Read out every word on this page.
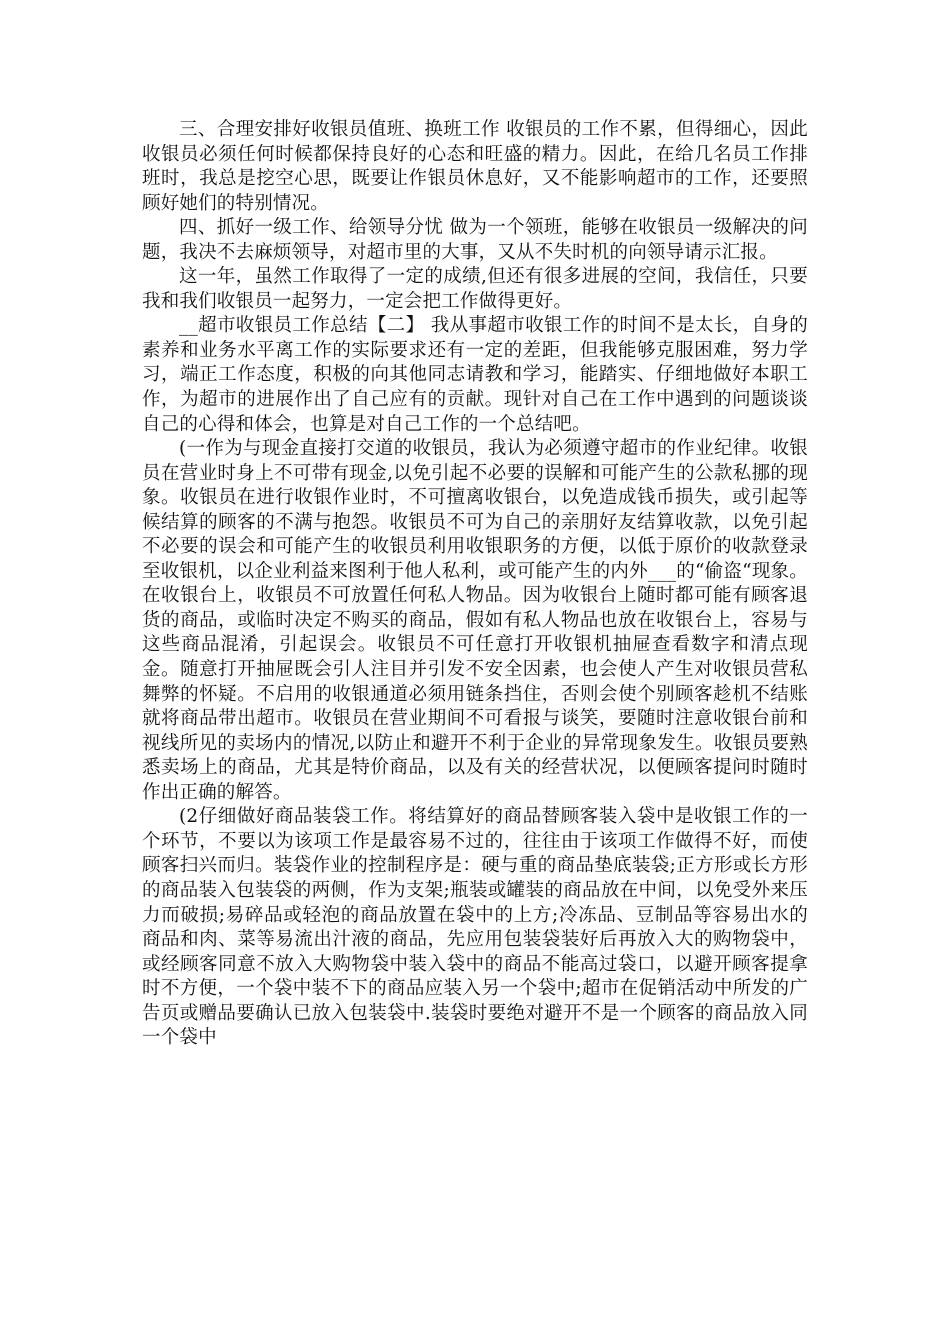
三、合理安排好收银员值班、换班工作 收银员的工作不累，但得细心，因此收银员必须任何时候都保持良好的心态和旺盛的精力。因此，在给几名员工作排班时，我总是挖空心思，既要让作银员休息好，又不能影响超市的工作，还要照顾好她们的特别情况。

四、抓好一级工作、给领导分忧 做为一个领班，能够在收银员一级解决的问题，我决不去麻烦领导，对超市里的大事，又从不失时机的向领导请示汇报。

这一年，虽然工作取得了一定的成绩,但还有很多进展的空间，我信任，只要我和我们收银员一起努力，一定会把工作做得更好。

__超市收银员工作总结【二】 我从事超市收银工作的时间不是太长，自身的素养和业务水平离工作的实际要求还有一定的差距，但我能够克服困难，努力学习，端正工作态度，积极的向其他同志请教和学习，能踏实、仔细地做好本职工作，为超市的进展作出了自己应有的贡献。现针对自己在工作中遇到的问题谈谈自己的心得和体会，也算是对自己工作的一个总结吧。

(一作为与现金直接打交道的收银员，我认为必须遵守超市的作业纪律。收银员在营业时身上不可带有现金,以免引起不必要的误解和可能产生的公款私挪的现象。收银员在进行收银作业时，不可擅离收银台，以免造成钱币损失，或引起等候结算的顾客的不满与抱怨。收银员不可为自己的亲朋好友结算收款，以免引起不必要的误会和可能产生的收银员利用收银职务的方便，以低于原价的收款登录至收银机，以企业利益来图利于他人私利，或可能产生的内外___的“偷盗“现象。在收银台上，收银员不可放置任何私人物品。因为收银台上随时都可能有顾客退货的商品，或临时决定不购买的商品，假如有私人物品也放在收银台上，容易与这些商品混淆，引起误会。收银员不可任意打开收银机抽屉查看数字和清点现金。随意打开抽屉既会引人注目并引发不安全因素，也会使人产生对收银员营私舞弊的怀疑。不启用的收银通道必须用链条挡住，否则会使个别顾客趁机不结账就将商品带出超市。收银员在营业期间不可看报与谈笑，要随时注意收银台前和视线所见的卖场内的情况,以防止和避开不利于企业的异常现象发生。收银员要熟悉卖场上的商品，尤其是特价商品，以及有关的经营状况，以便顾客提问时随时作出正确的解答。

(2仔细做好商品装袋工作。将结算好的商品替顾客装入袋中是收银工作的一个环节，不要以为该项工作是最容易不过的，往往由于该项工作做得不好，而使顾客扫兴而归。装袋作业的控制程序是：硬与重的商品垫底装袋;正方形或长方形的商品装入包装袋的两侧，作为支架;瓶装或罐装的商品放在中间，以免受外来压力而破损;易碎品或轻泡的商品放置在袋中的上方;冷冻品、豆制品等容易出水的商品和肉、菜等易流出汁液的商品，先应用包装袋装好后再放入大的购物袋中，或经顾客同意不放入大购物袋中装入袋中的商品不能高过袋口，以避开顾客提拿时不方便，一个袋中装不下的商品应装入另一个袋中;超市在促销活动中所发的广告页或赠品要确认已放入包装袋中.装袋时要绝对避开不是一个顾客的商品放入同一个袋中
